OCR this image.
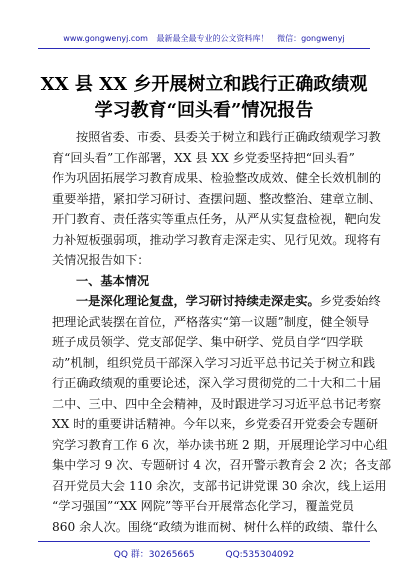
www.gongwenyj.com 最新最全最专业的公文资料库！ 微信：gongwenyj
XX 县 XX 乡开展树立和践行正确政绩观
学习教育“回头看”情况报告
按照省委、市委、县委关于树立和践行正确政绩观学习教
育“回头看”工作部署，XX 县 XX 乡党委坚持把“回头看”
作为巩固拓展学习教育成果、检验整改成效、健全长效机制的
重要举措，紧扣学习研讨、查摆问题、整改整治、建章立制、
开门教育、责任落实等重点任务，从严从实复盘检视，靶向发
力补短板强弱项，推动学习教育走深走实、见行见效。现将有
关情况报告如下：
一、基本情况
一是深化理论复盘，学习研讨持续走深走实。乡党委始终
把理论武装摆在首位，严格落实“第一议题”制度，健全领导
班子成员领学、党支部促学、集中研学、党员自学“四学联
动”机制，组织党员干部深入学习习近平总书记关于树立和践
行正确政绩观的重要论述，深入学习贯彻党的二十大和二十届
二中、三中、四中全会精神，及时跟进学习习近平总书记考察
XX 时的重要讲话精神。今年以来，乡党委召开党委会专题研
究学习教育工作 6 次，举办读书班 2 期，开展理论学习中心组
集中学习 9 次、专题研讨 4 次，召开警示教育会 2 次；各支部
召开党员大会 110 余次，支部书记讲党课 30 余次，线上运用
“学习强国”“XX 网院”等平台开展常态化学习，覆盖党员
860 余人次。围绕“政绩为谁而树、树什么样的政绩、靠什么
QQ 群：30265665	QQ:535304092
